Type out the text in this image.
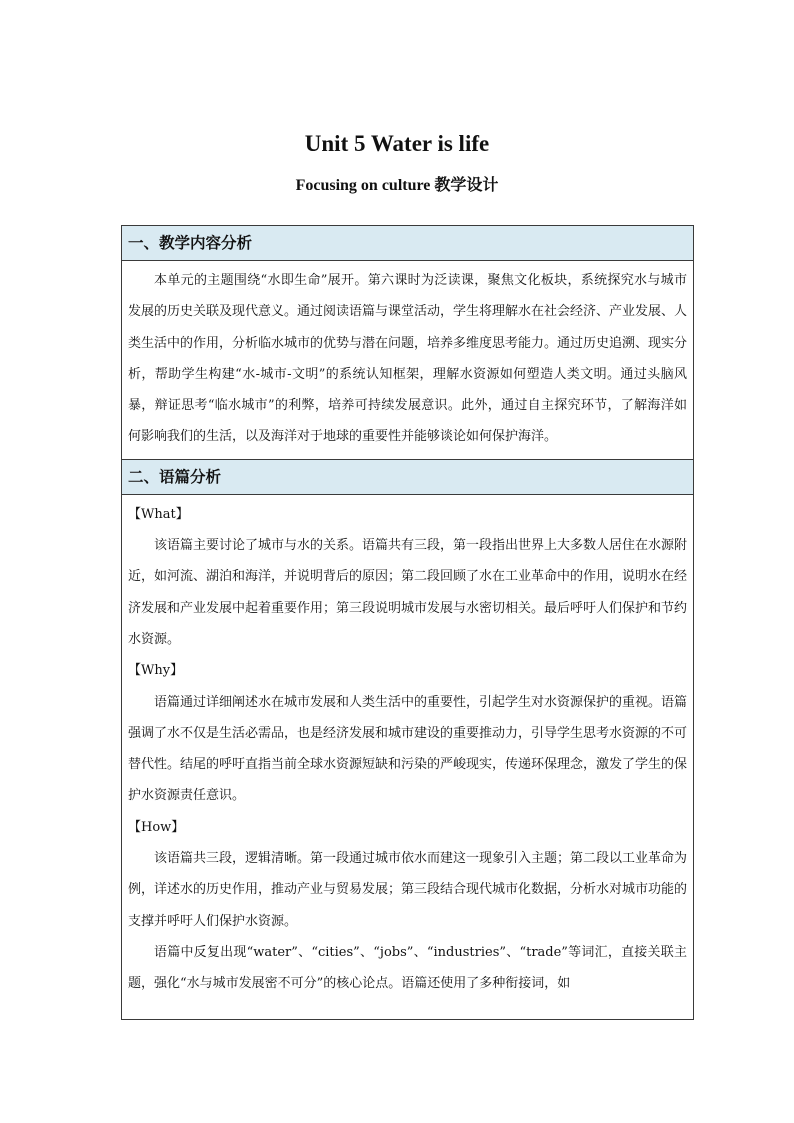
Unit 5 Water is life
Focusing on culture 教学设计
一、教学内容分析

本单元的主题围绕“水即生命”展开。第六课时为泛读课，聚焦文化板块，系统探究水与城市发展的历史关联及现代意义。通过阅读语篇与课堂活动，学生将理解水在社会经济、产业发展、人类生活中的作用，分析临水城市的优势与潜在问题，培养多维度思考能力。通过历史追溯、现实分析，帮助学生构建“水-城市-文明”的系统认知框架，理解水资源如何塑造人类文明。通过头脑风暴，辩证思考“临水城市”的利弊，培养可持续发展意识。此外，通过自主探究环节，了解海洋如何影响我们的生活，以及海洋对于地球的重要性并能够谈论如何保护海洋。

二、语篇分析
【What】

该语篇主要讨论了城市与水的关系。语篇共有三段，第一段指出世界上大多数人居住在水源附近，如河流、湖泊和海洋，并说明背后的原因；第二段回顾了水在工业革命中的作用，说明水在经济发展和产业发展中起着重要作用；第三段说明城市发展与水密切相关。最后呼吁人们保护和节约水资源。

【Why】

语篇通过详细阐述水在城市发展和人类生活中的重要性，引起学生对水资源保护的重视。语篇强调了水不仅是生活必需品，也是经济发展和城市建设的重要推动力，引导学生思考水资源的不可替代性。结尾的呼吁直指当前全球水资源短缺和污染的严峻现实，传递环保理念，激发了学生的保护水资源责任意识。

【How】

该语篇共三段，逻辑清晰。第一段通过城市依水而建这一现象引入主题；第二段以工业革命为例，详述水的历史作用，推动产业与贸易发展；第三段结合现代城市化数据，分析水对城市功能的支撑并呼吁人们保护水资源。

语篇中反复出现“water”、“cities”、“jobs”、“industries”、“trade”等词汇，直接关联主题，强化“水与城市发展密不可分”的核心论点。语篇还使用了多种衔接词，如
